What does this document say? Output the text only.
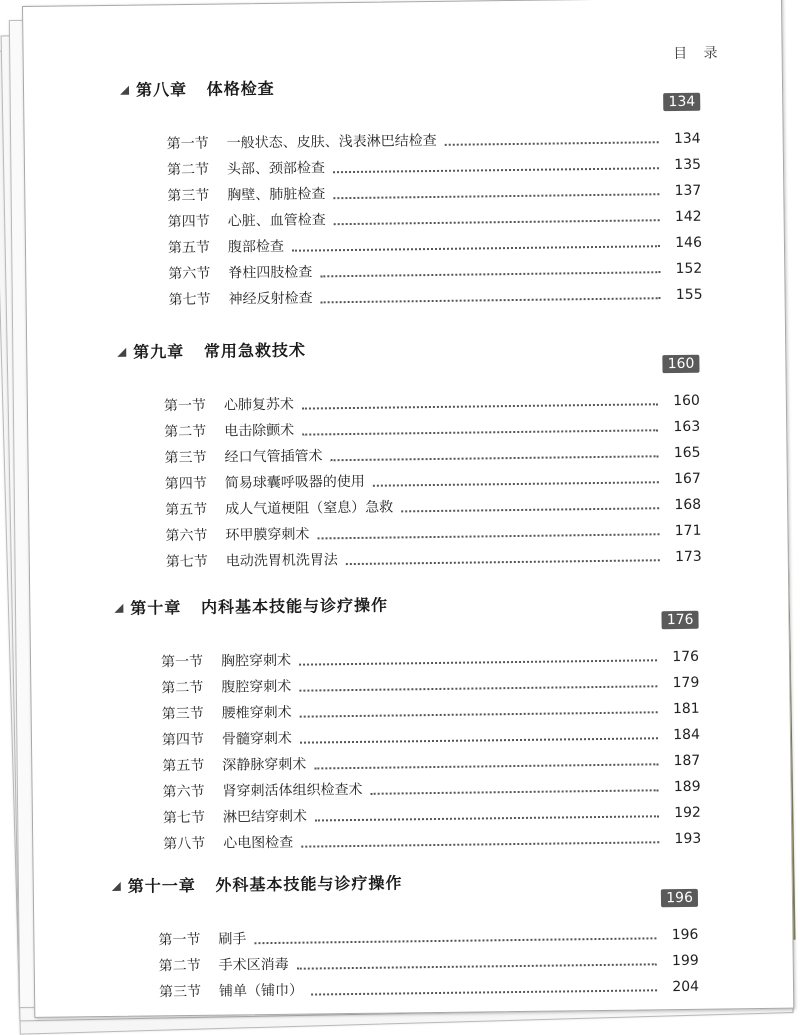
目 录
第八章   体格检查
134
第一节	一般状态、皮肤、浅表淋巴结检查	134
第二节	头部、颈部检查	135
第三节	胸壁、肺脏检查	137
第四节	心脏、血管检查	142
第五节	腹部检查	146
第六节	脊柱四肢检查	152
第七节	神经反射检查	155
第九章   常用急救技术
160
第一节	心肺复苏术	160
第二节	电击除颤术	163
第三节	经口气管插管术	165
第四节	简易球囊呼吸器的使用	167
第五节	成人气道梗阻（窒息）急救	168
第六节	环甲膜穿刺术	171
第七节	电动洗胃机洗胃法	173
第十章   内科基本技能与诊疗操作
176
第一节	胸腔穿刺术	176
第二节	腹腔穿刺术	179
第三节	腰椎穿刺术	181
第四节	骨髓穿刺术	184
第五节	深静脉穿刺术	187
第六节	肾穿刺活体组织检查术	189
第七节	淋巴结穿刺术	192
第八节	心电图检查	193
第十一章   外科基本技能与诊疗操作
196
第一节	刷手	196
第二节	手术区消毒	199
第三节	铺单（铺巾）	204
